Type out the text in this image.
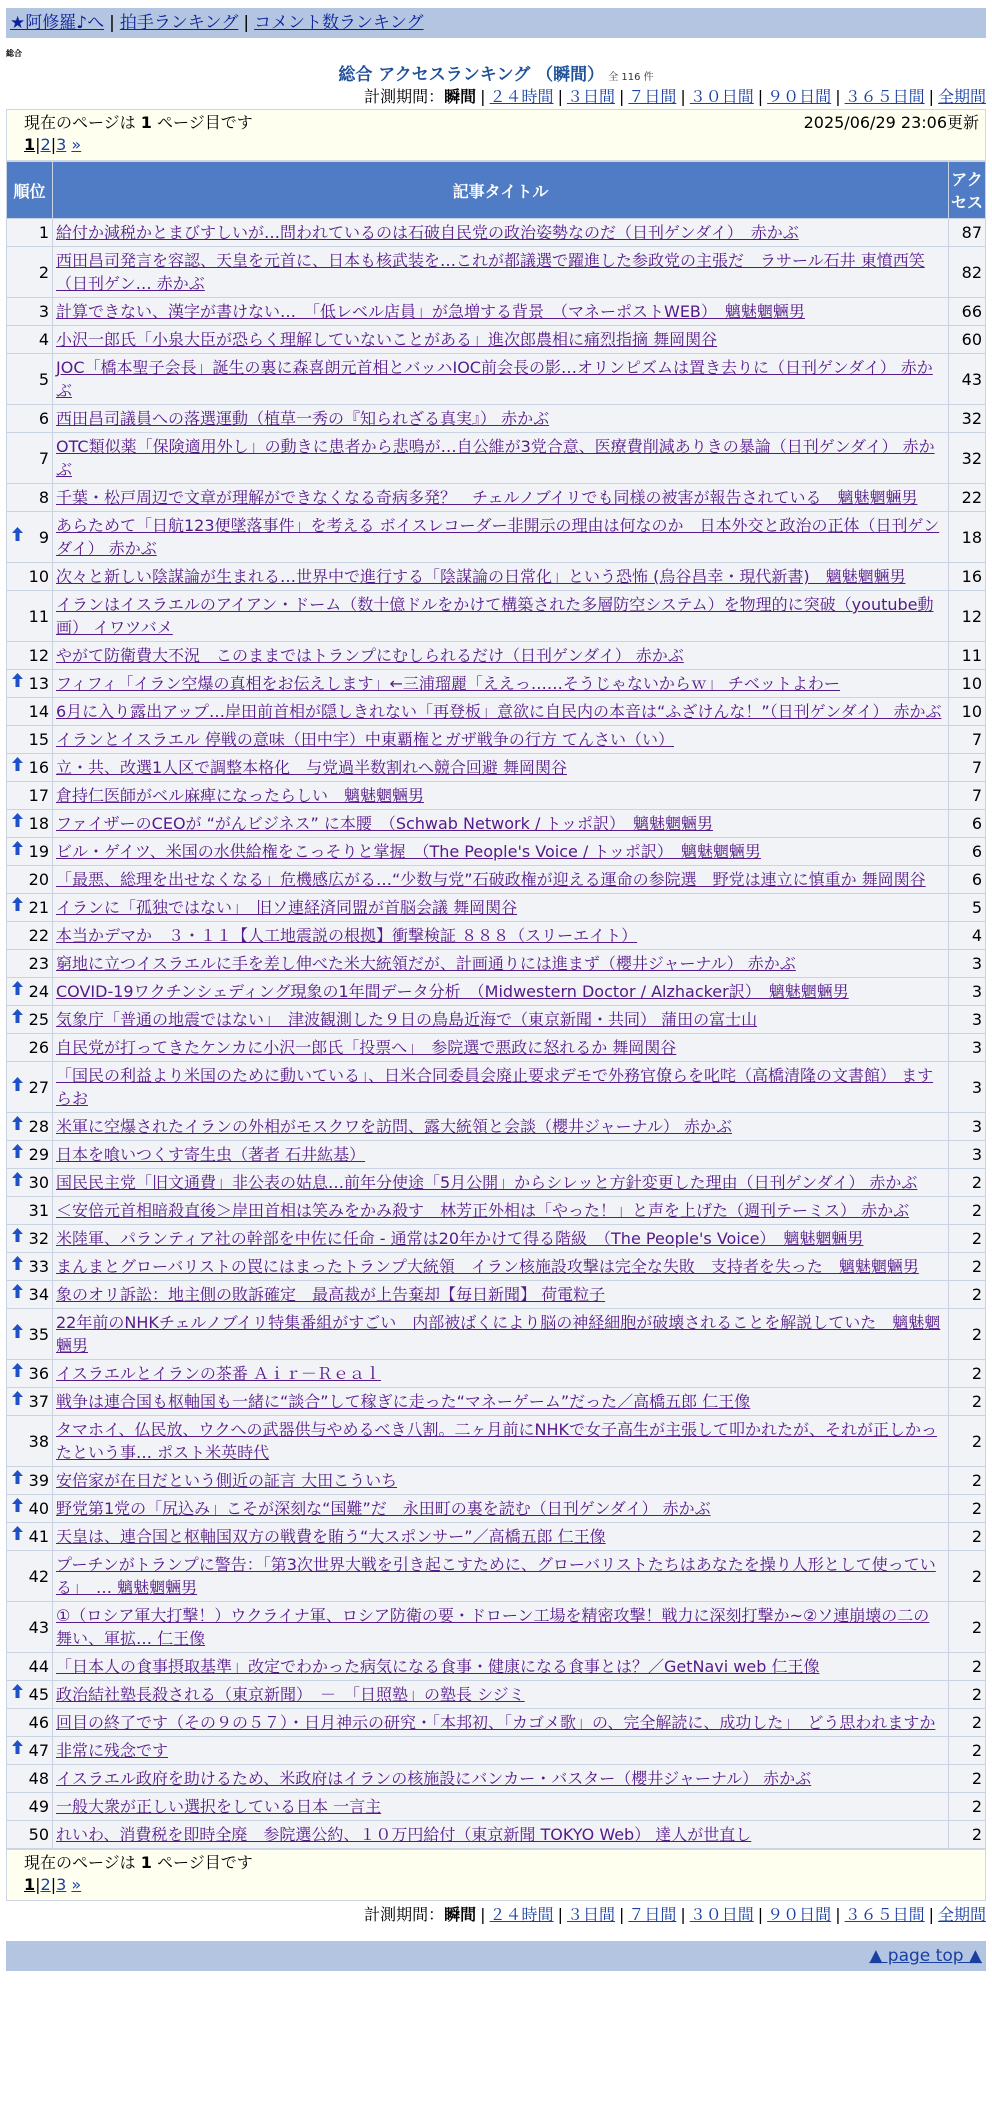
★阿修羅♪へ | 拍手ランキング | コメント数ランキング
総合
総合 アクセスランキング （瞬間） 全 116 件
計測期間：瞬間 | ２４時間 | ３日間 | ７日間 | ３０日間 | ９０日間 | ３６５日間 | 全期間
現在のページは 1 ページ目です	2025/06/29 23:06更新
1|2|3 »
順位	記事タイトル	アクセス
1	給付か減税かとまびすしいが…問われているのは石破自民党の政治姿勢なのだ（日刊ゲンダイ）　赤かぶ	87
2	西田昌司発言を容認、天皇を元首に、日本も核武装を…これが都議選で躍進した参政党の主張だ　ラサール石井 東憤西笑（日刊ゲン… 赤かぶ	82
3	計算できない、漢字が書けない…　「低レベル店員」が急増する背景　（マネーポストWEB）　魑魅魍魎男	66
4	小沢一郎氏「小泉大臣が恐らく理解していないことがある」進次郎農相に痛烈指摘 舞岡関谷	60
5	JOC「橋本聖子会長」誕生の裏に森喜朗元首相とバッハIOC前会長の影…オリンピズムは置き去りに（日刊ゲンダイ） 赤かぶ	43
6	西田昌司議員への落選運動（植草一秀の『知られざる真実』） 赤かぶ	32
7	OTC類似薬「保険適用外し」の動きに患者から悲鳴が…自公維が3党合意、医療費削減ありきの暴論（日刊ゲンダイ） 赤かぶ	32
8	千葉・松戸周辺で文章が理解ができなくなる奇病多発？　チェルノブイリでも同様の被害が報告されている　魑魅魍魎男	22

9	あらためて「日航123便墜落事件」を考える ボイスレコーダー非開示の理由は何なのか　日本外交と政治の正体（日刊ゲンダイ） 赤かぶ	18
10	次々と新しい陰謀論が生まれる…世界中で進行する「陰謀論の日常化」という恐怖 (烏谷昌幸・現代新書)　魑魅魍魎男	16
11	イランはイスラエルのアイアン・ドーム（数十億ドルをかけて構築された多層防空システム）を物理的に突破（youtube動画） イワツバメ	12
12	やがて防衛費大不況　このままではトランプにむしられるだけ（日刊ゲンダイ） 赤かぶ	11

13	フィフィ「イラン空爆の真相をお伝えします」←三浦瑠麗「ええっ……そうじゃないからｗ」 チベットよわー	10
14	6月に入り露出アップ…岸田前首相が隠しきれない「再登板」意欲に自民内の本音は“ふざけんな！”（日刊ゲンダイ） 赤かぶ	10
15	イランとイスラエル 停戦の意味（田中宇）中東覇権とガザ戦争の行方 てんさい（い）	7

16	立・共、改選1人区で調整本格化　与党過半数割れへ競合回避 舞岡関谷	7
17	倉持仁医師がベル麻痺になったらしい　魑魅魍魎男	7

18	ファイザーのCEOが “がんビジネス” に本腰　（Schwab Network / トッポ訳）　魑魅魍魎男	6

19	ビル・ゲイツ、米国の水供給権をこっそりと掌握　（The People's Voice / トッポ訳）　魑魅魍魎男	6
20	「最悪、総理を出せなくなる」危機感広がる…“少数与党”石破政権が迎える運命の参院選　野党は連立に慎重か 舞岡関谷	6

21	イランに「孤独ではない」　旧ソ連経済同盟が首脳会議 舞岡関谷	5
22	本当かデマか　３・１１【人工地震説の根拠】衝撃検証 ８８８（スリーエイト）	4
23	窮地に立つイスラエルに手を差し伸べた米大統領だが、計画通りには進まず（櫻井ジャーナル） 赤かぶ	3

24	COVID-19ワクチンシェディング現象の1年間データ分析　（Midwestern Doctor / Alzhacker訳）　魑魅魍魎男	3

25	気象庁「普通の地震ではない」　津波観測した９日の鳥島近海で（東京新聞・共同） 蒲田の富士山	3
26	自民党が打ってきたケンカに小沢一郎氏「投票へ」　参院選で悪政に怒れるか 舞岡関谷	3

27	「国民の利益より米国のために動いている」、日米合同委員会廃止要求デモで外務官僚らを叱咤（高橋清隆の文書館） ますらお	3

28	米軍に空爆されたイランの外相がモスクワを訪問、露大統領と会談（櫻井ジャーナル） 赤かぶ	3

29	日本を喰いつくす寄生虫（著者 石井紘基）	3

30	国民民主党「旧文通費」非公表の姑息…前年分使途「5月公開」からシレッと方針変更した理由（日刊ゲンダイ） 赤かぶ	2
31	＜安倍元首相暗殺直後＞岸田首相は笑みをかみ殺す　林芳正外相は「やった！」と声を上げた（週刊テーミス） 赤かぶ	2

32	米陸軍、パランティア社の幹部を中佐に任命 - 通常は20年かけて得る階級　（The People's Voice）　魑魅魍魎男	2

33	まんまとグローバリストの罠にはまったトランプ大統領　イラン核施設攻撃は完全な失敗　支持者を失った　魑魅魍魎男	2

34	象のオリ訴訟：地主側の敗訴確定　最高裁が上告棄却【毎日新聞】 荷電粒子	2

35	22年前のNHKチェルノブイリ特集番組がすごい　内部被ばくにより脳の神経細胞が破壊されることを解説していた　魑魅魍魎男	2

36	イスラエルとイランの茶番 Ａｉｒ－Ｒｅａｌ	2

37	戦争は連合国も枢軸国も一緒に“談合”して稼ぎに走った“マネーゲーム”だった／高橋五郎 仁王像	2
38	タマホイ、仏民放、ウクへの武器供与やめるべき八割。二ヶ月前にNHKで女子高生が主張して叩かれたが、それが正しかったという事… ポスト米英時代	2

39	安倍家が在日だという側近の証言 大田こういち	2

40	野党第1党の「尻込み」こそが深刻な“国難”だ　永田町の裏を読む（日刊ゲンダイ） 赤かぶ	2

41	天皇は、連合国と枢軸国双方の戦費を賄う“大スポンサー”／高橋五郎 仁王像	2
42	プーチンがトランプに警告：「第3次世界大戦を引き起こすために、グローバリストたちはあなたを操り人形として使っている」　… 魑魅魍魎男	2
43	①（ロシア軍大打撃！）ウクライナ軍、ロシア防衛の要・ドローン工場を精密攻撃！戦力に深刻打撃か~②ソ連崩壊の二の舞い、軍拡… 仁王像	2
44	「日本人の食事摂取基準」改定でわかった病気になる食事・健康になる食事とは？／GetNavi web 仁王像	2

45	政治結社塾長殺される（東京新聞）　－　「日照塾」の塾長 シジミ	2
46	回目の終了です（その９の５７）・日月神示の研究・「本邦初、「カゴメ歌」の、完全解読に、成功した」　どう思われますか	2

47	非常に残念です	2
48	イスラエル政府を助けるため、米政府はイランの核施設にバンカー・バスター（櫻井ジャーナル） 赤かぶ	2
49	一般大衆が正しい選択をしている日本 一言主	2
50	れいわ、消費税を即時全廃　参院選公約、１０万円給付（東京新聞 TOKYO Web） 達人が世直し	2
現在のページは 1 ページ目です
1|2|3 »
計測期間：瞬間 | ２４時間 | ３日間 | ７日間 | ３０日間 | ９０日間 | ３６５日間 | 全期間
▲ page top ▲
